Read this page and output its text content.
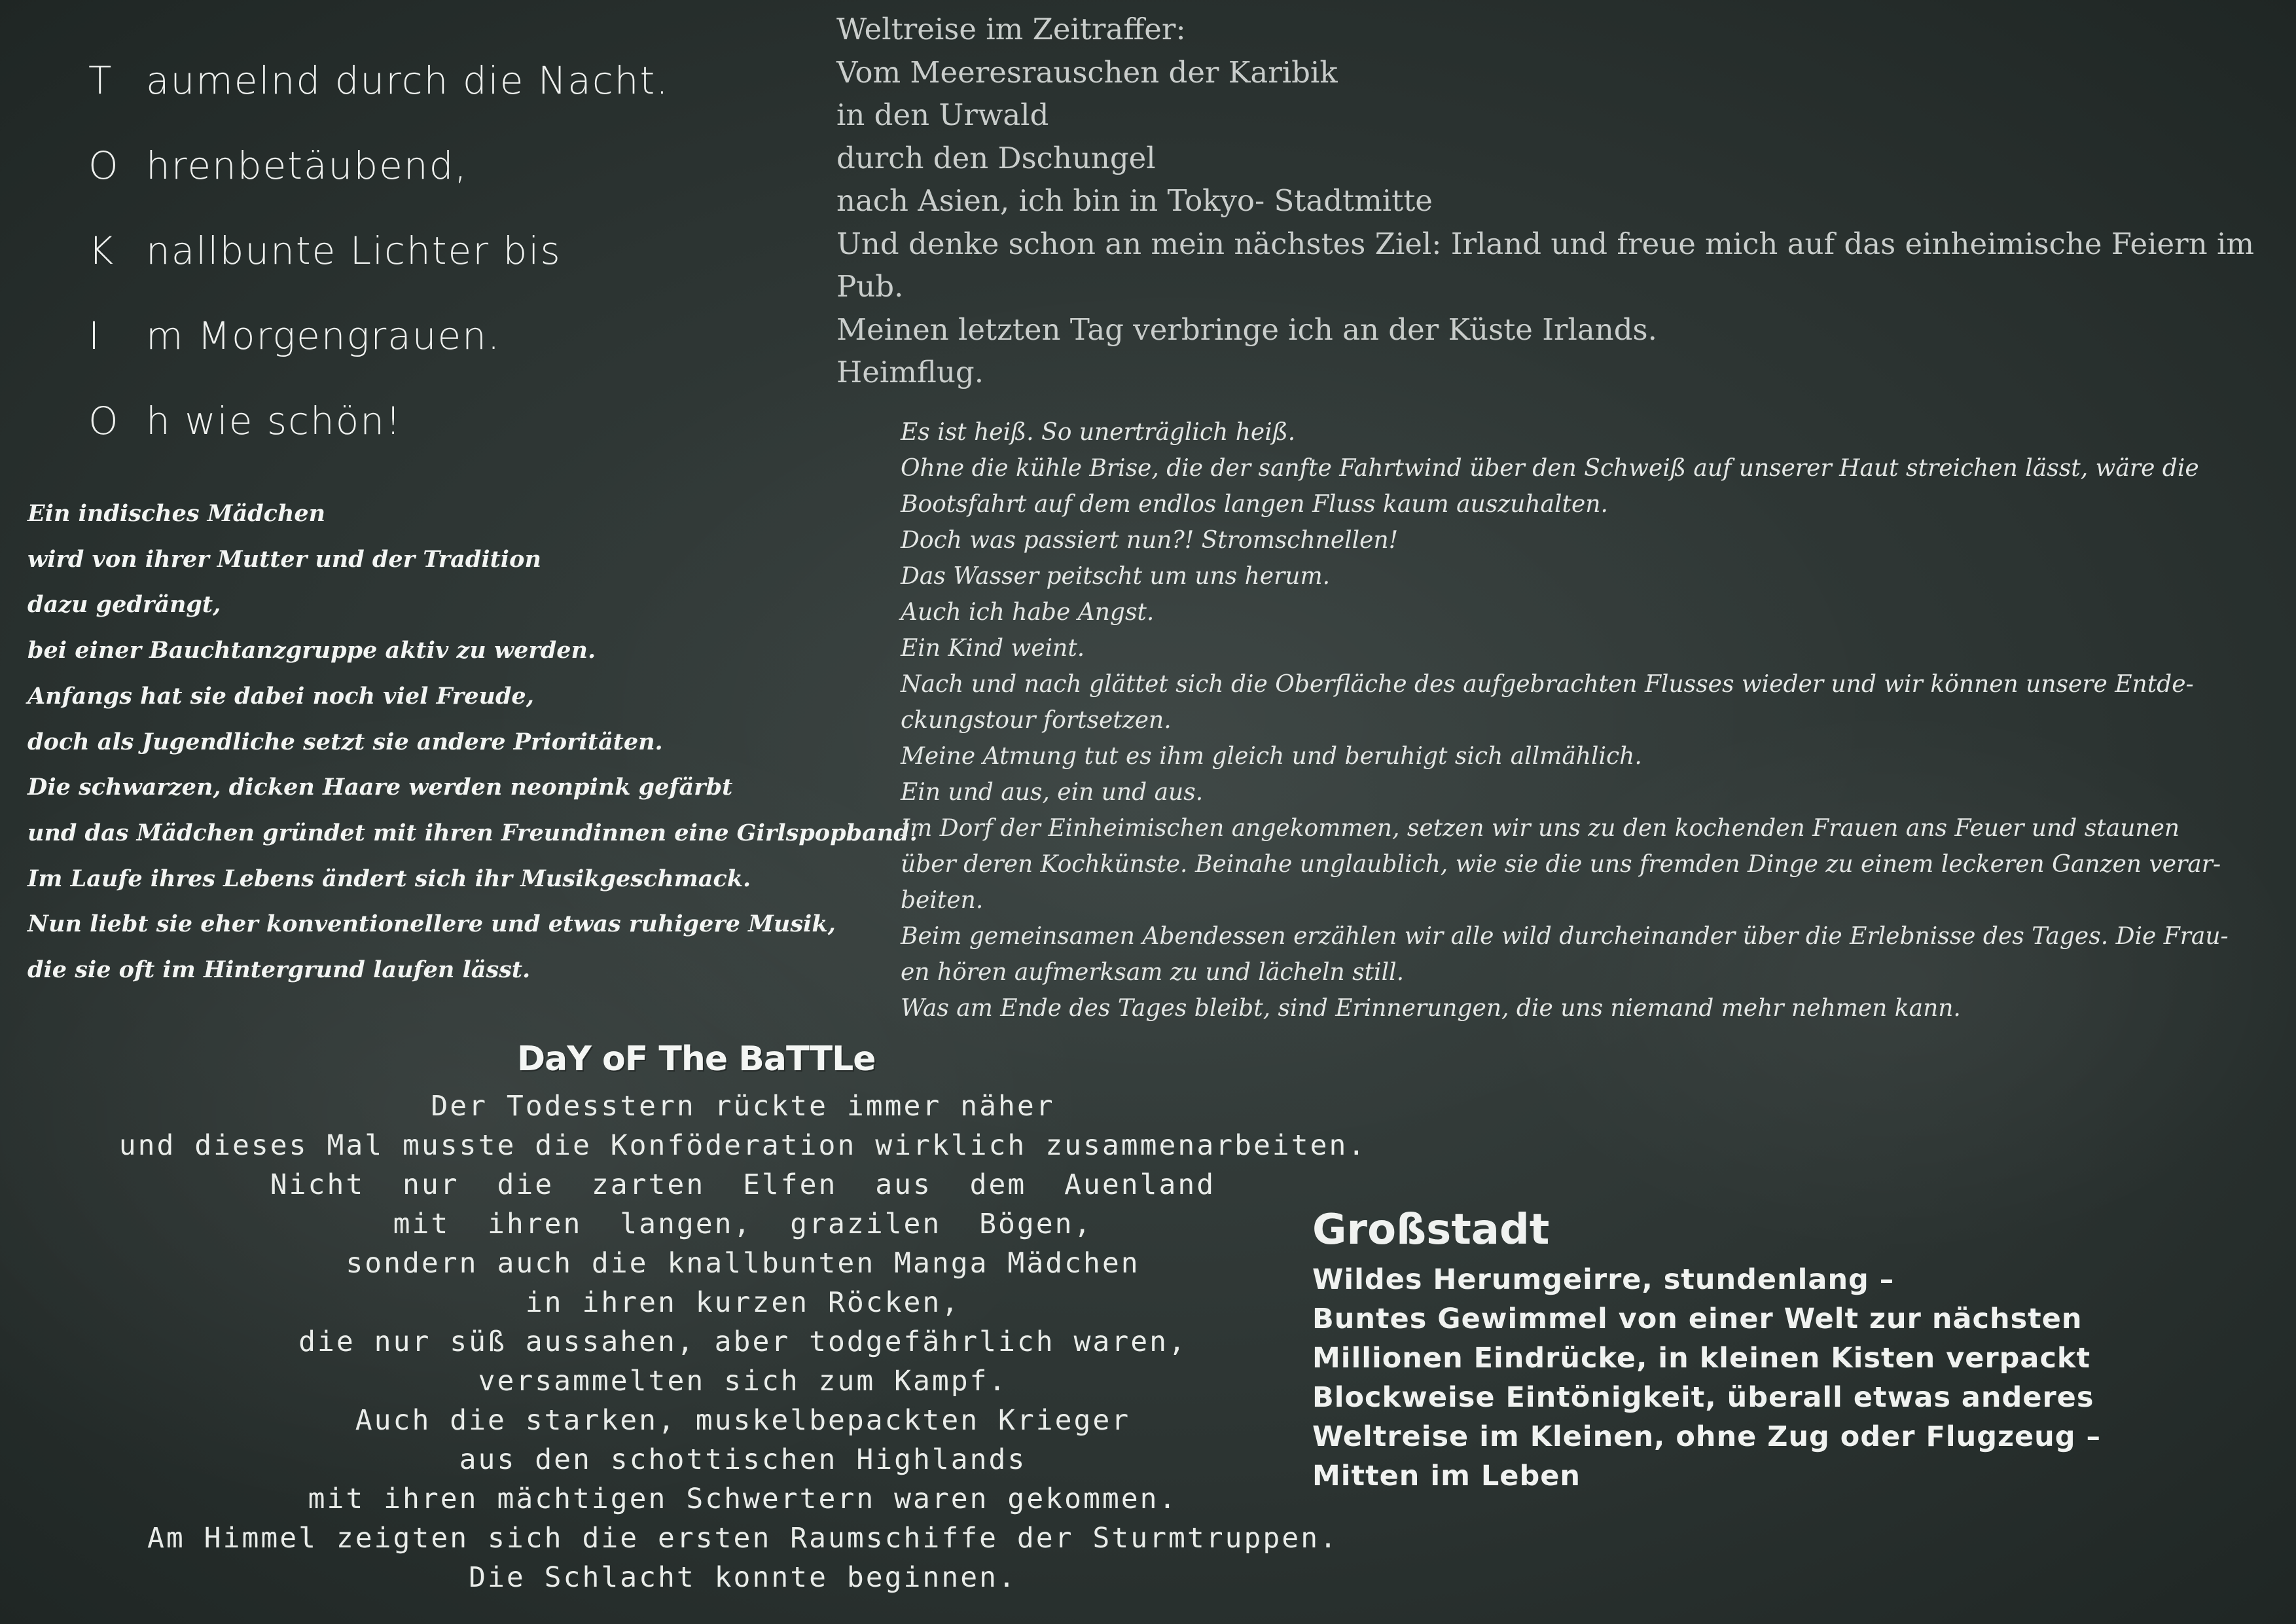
T aumelnd durch die Nacht.
O hrenbetäubend,
K nallbunte Lichter bis
I m Morgengrauen.
O h wie schön!
Weltreise im Zeitraffer:
Vom Meeresrauschen der Karibik
in den Urwald
durch den Dschungel
nach Asien, ich bin in Tokyo- Stadtmitte
Und denke schon an mein nächstes Ziel: Irland und freue mich auf das einheimische Feiern im Pub.
Meinen letzten Tag verbringe ich an der Küste Irlands.
Heimflug.
Ein indisches Mädchen
wird von ihrer Mutter und der Tradition
dazu gedrängt,
bei einer Bauchtanzgruppe aktiv zu werden.
Anfangs hat sie dabei noch viel Freude,
doch als Jugendliche setzt sie andere Prioritäten.
Die schwarzen, dicken Haare werden neonpink gefärbt
und das Mädchen gründet mit ihren Freundinnen eine Girlspopband.
Im Laufe ihres Lebens ändert sich ihr Musikgeschmack.
Nun liebt sie eher konventionellere und etwas ruhigere Musik,
die sie oft im Hintergrund laufen lässt.
Es ist heiß. So unerträglich heiß.
Ohne die kühle Brise, die der sanfte Fahrtwind über den Schweiß auf unserer Haut streichen lässt, wäre die
Bootsfahrt auf dem endlos langen Fluss kaum auszuhalten.
Doch was passiert nun?! Stromschnellen!
Das Wasser peitscht um uns herum.
Auch ich habe Angst.
Ein Kind weint.
Nach und nach glättet sich die Oberfläche des aufgebrachten Flusses wieder und wir können unsere Entde-
ckungstour fortsetzen.
Meine Atmung tut es ihm gleich und beruhigt sich allmählich.
Ein und aus, ein und aus.
Im Dorf der Einheimischen angekommen, setzen wir uns zu den kochenden Frauen ans Feuer und staunen
über deren Kochkünste. Beinahe unglaublich, wie sie die uns fremden Dinge zu einem leckeren Ganzen verar-
beiten.
Beim gemeinsamen Abendessen erzählen wir alle wild durcheinander über die Erlebnisse des Tages. Die Frau-
en hören aufmerksam zu und lächeln still.
Was am Ende des Tages bleibt, sind Erinnerungen, die uns niemand mehr nehmen kann.
DaY oF The BaTTLe
Der Todesstern rückte immer näher
und dieses Mal musste die Konföderation wirklich zusammenarbeiten.
Nicht  nur  die  zarten  Elfen  aus  dem  Auenland
mit  ihren  langen,  grazilen  Bögen,
sondern auch die knallbunten Manga Mädchen
in ihren kurzen Röcken,
die nur süß aussahen, aber todgefährlich waren,
versammelten sich zum Kampf.
Auch die starken, muskelbepackten Krieger
aus den schottischen Highlands
mit ihren mächtigen Schwertern waren gekommen.
Am Himmel zeigten sich die ersten Raumschiffe der Sturmtruppen.
Die Schlacht konnte beginnen.
Großstadt
Wildes Herumgeirre, stundenlang –
Buntes Gewimmel von einer Welt zur nächsten
Millionen Eindrücke, in kleinen Kisten verpackt
Blockweise Eintönigkeit, überall etwas anderes
Weltreise im Kleinen, ohne Zug oder Flugzeug –
Mitten im Leben
